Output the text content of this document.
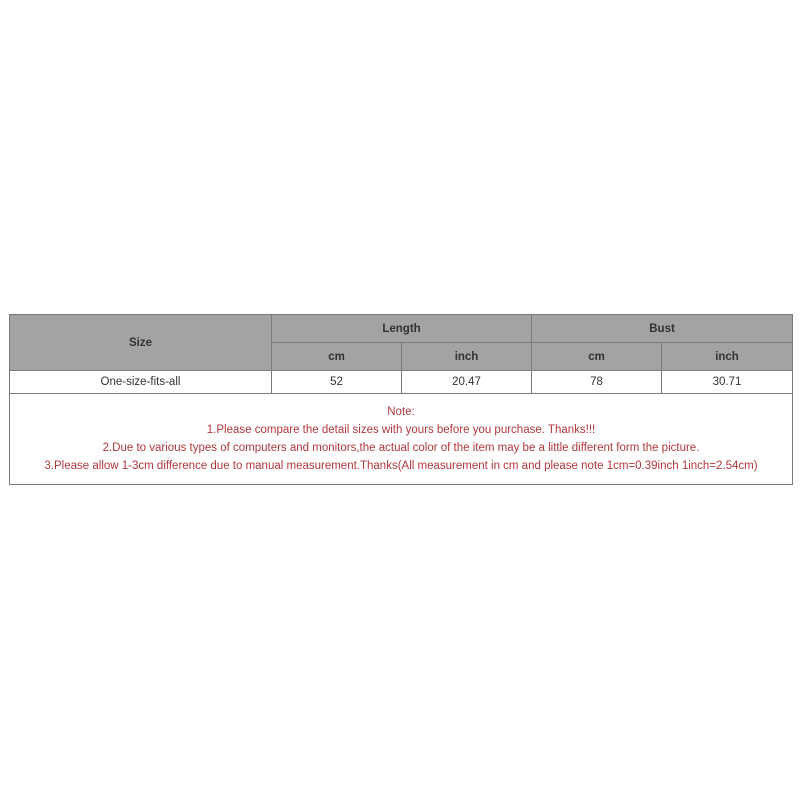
Size	Length		Bust	
	cm	inch	cm	inch
One-size-fits-all	52	20.47	78	30.71

Note:
1.Please compare the detail sizes with yours before you purchase. Thanks!!!
2.Due to various types of computers and monitors,the actual color of the item may be a little different form the picture.
3.Please allow 1-3cm difference due to manual measurement.Thanks(All measurement in cm and please note 1cm=0.39inch 1inch=2.54cm)				
